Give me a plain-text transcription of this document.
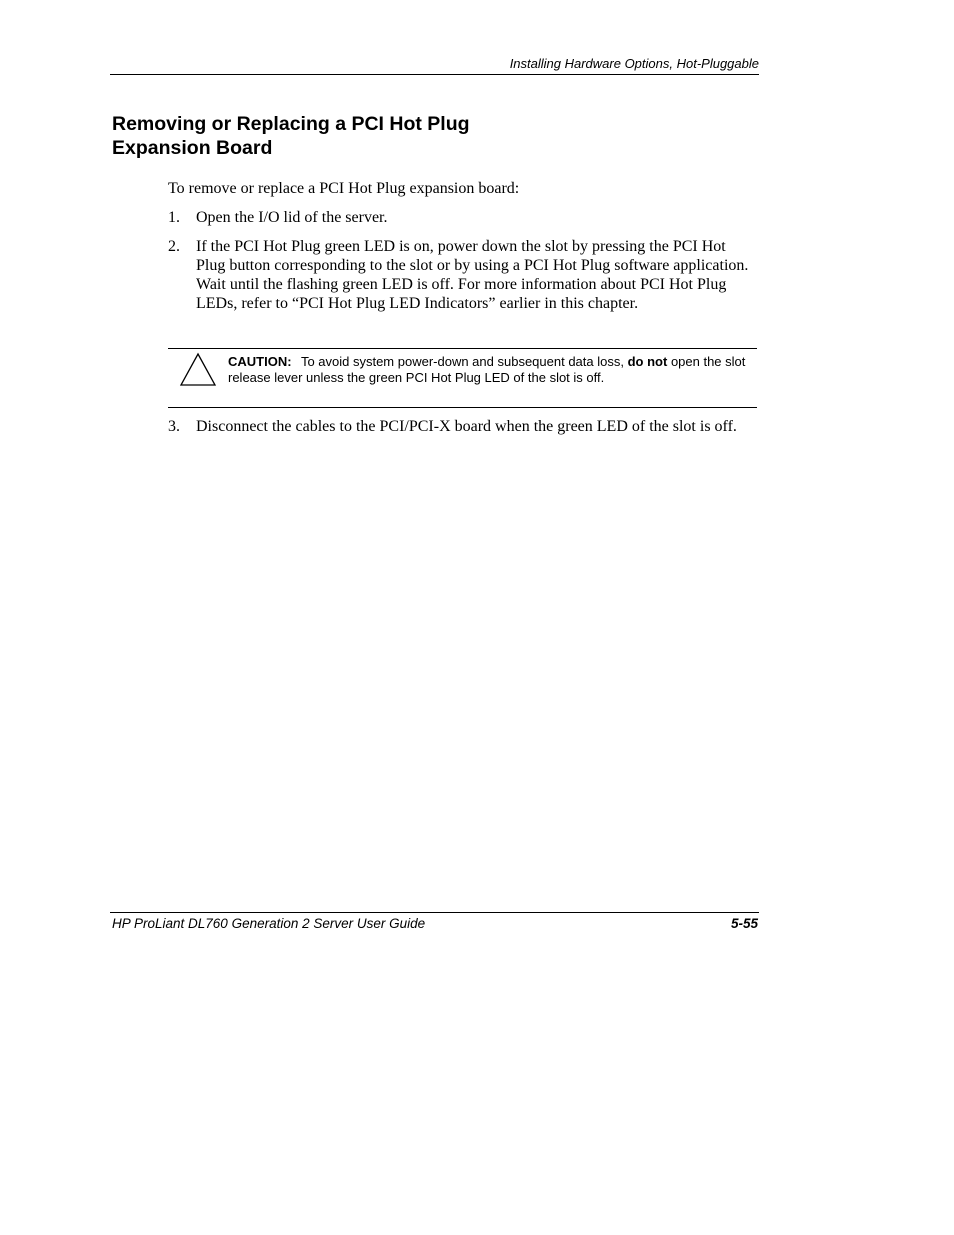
Installing Hardware Options, Hot-Pluggable
Removing or Replacing a PCI Hot Plug
Expansion Board

To remove or replace a PCI Hot Plug expansion board:

1. Open the I/O lid of the server.
2. If the PCI Hot Plug green LED is on, power down the slot by pressing the PCI Hot Plug button corresponding to the slot or by using a PCI Hot Plug software application. Wait until the flashing green LED is off. For more information about PCI Hot Plug LEDs, refer to “PCI Hot Plug LED Indicators” earlier in this chapter.
CAUTION: To avoid system power-down and subsequent data loss, do not open the slot release lever unless the green PCI Hot Plug LED of the slot is off.
3. Disconnect the cables to the PCI/PCI-X board when the green LED of the slot is off.
HP ProLiant DL760 Generation 2 Server User Guide	5-55
